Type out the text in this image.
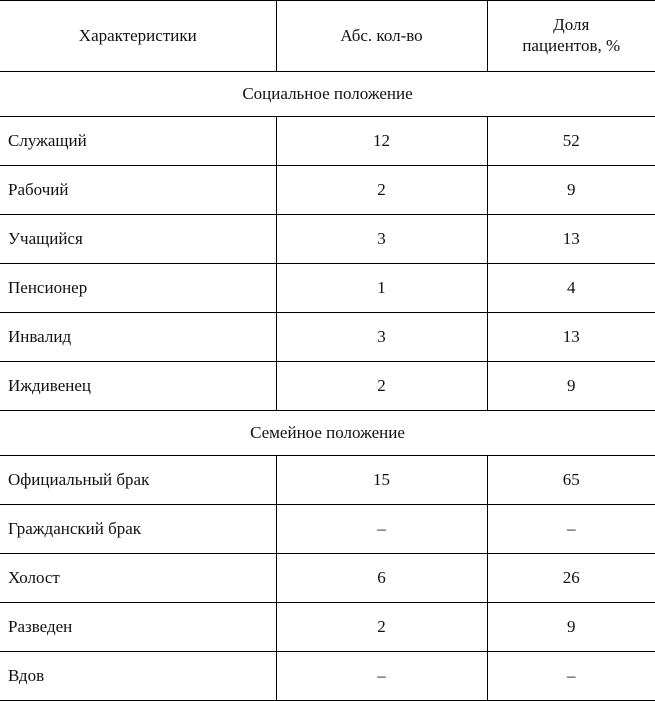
Характеристики	Абс. кол-во	Доля
пациентов, %

Социальное положение		
Служащий	12	52
Рабочий	2	9
Учащийся	3	13
Пенсионер	1	4
Инвалид	3	13
Иждивенец	2	9
Семейное положение		
Официальный брак	15	65
Гражданский брак	–	–
Холост	6	26
Разведен	2	9
Вдов	–	–
